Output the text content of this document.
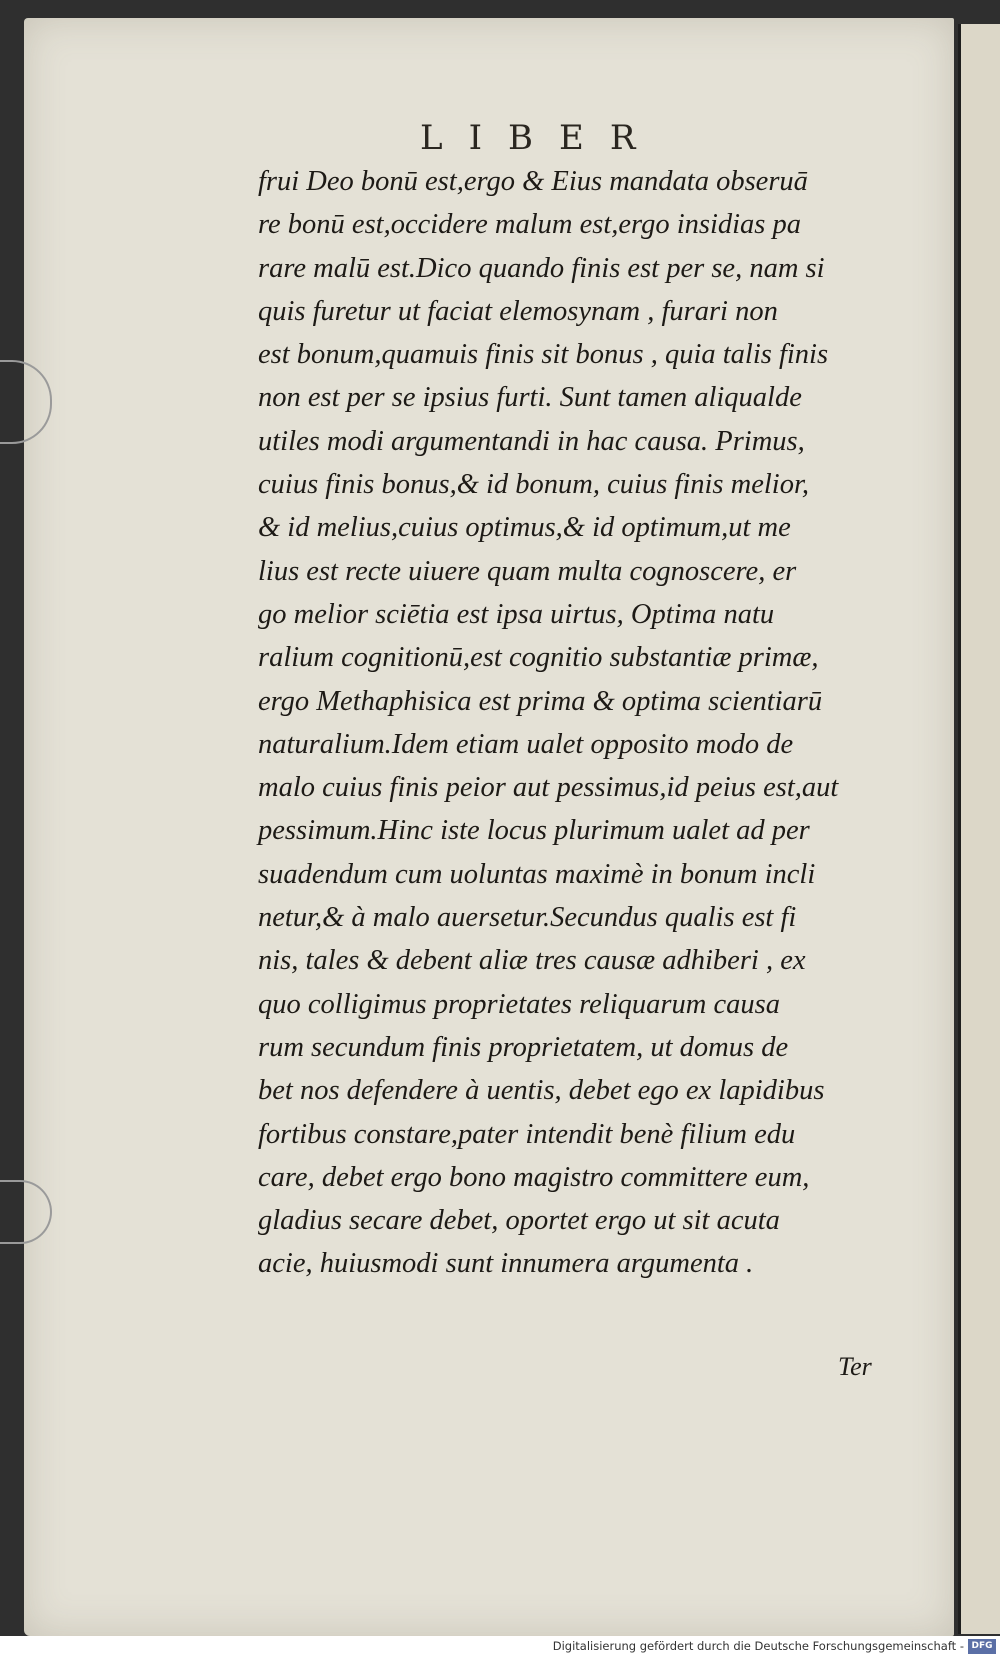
LIBER
frui Deo bonū est,ergo & Eius mandata obseruā
re bonū est,occidere malum est,ergo insidias pa
rare malū est.Dico quando finis est per se, nam si
quis furetur ut faciat elemosynam , furari non
est bonum,quamuis finis sit bonus , quia talis finis
non est per se ipsius furti. Sunt tamen aliqualde
utiles modi argumentandi in hac causa. Primus,
cuius finis bonus,& id bonum, cuius finis melior,
& id melius,cuius optimus,& id optimum,ut me
lius est recte uiuere quam multa cognoscere, er
go melior sciētia est ipsa uirtus, Optima natu
ralium cognitionū,est cognitio substantiæ primæ,
ergo Methaphisica est prima & optima scientiarū
naturalium.Idem etiam ualet opposito modo de
malo cuius finis peior aut pessimus,id peius est,aut
pessimum.Hinc iste locus plurimum ualet ad per
suadendum cum uoluntas maximè in bonum incli
netur,& à malo auersetur.Secundus qualis est fi
nis, tales & debent aliæ tres causæ adhiberi , ex
quo colligimus proprietates reliquarum causa
rum secundum finis proprietatem, ut domus de
bet nos defendere à uentis, debet ego ex lapidibus
fortibus constare,pater intendit benè filium edu
care, debet ergo bono magistro committere eum,
gladius secare debet, oportet ergo ut sit acuta
acie, huiusmodi sunt innumera argumenta .
Ter
Digitalisierung gefördert durch die Deutsche Forschungsgemeinschaft - DFG
